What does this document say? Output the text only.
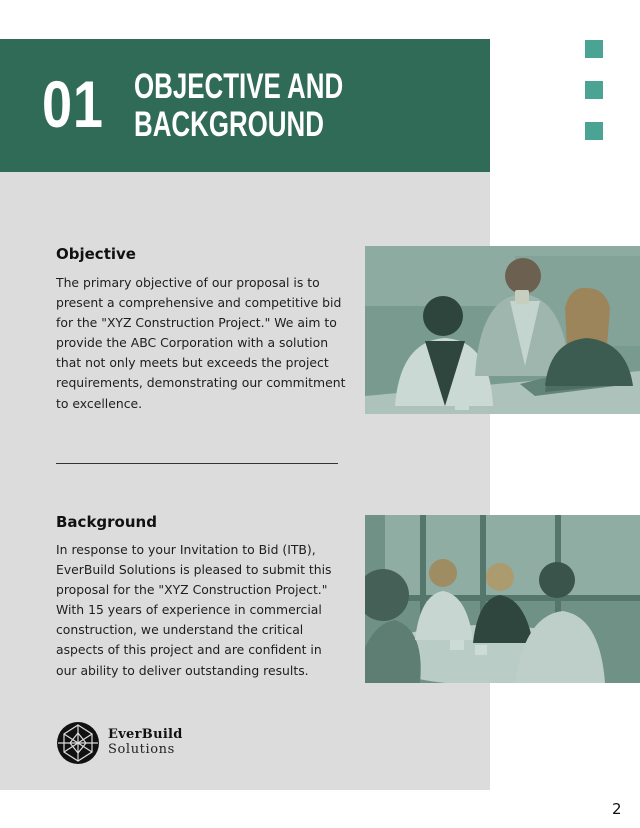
01 OBJECTIVE AND
BACKGROUND
Objective
The primary objective of our proposal is to present a comprehensive and competitive bid for the "XYZ Construction Project." We aim to provide the ABC Corporation with a solution that not only meets but exceeds the project requirements, demonstrating our commitment to excellence.
Background
In response to your Invitation to Bid (ITB), EverBuild Solutions is pleased to submit this proposal for the "XYZ Construction Project." With 15 years of experience in commercial construction, we understand the critical aspects of this project and are confident in our ability to deliver outstanding results.
EverBuild
Solutions
2
